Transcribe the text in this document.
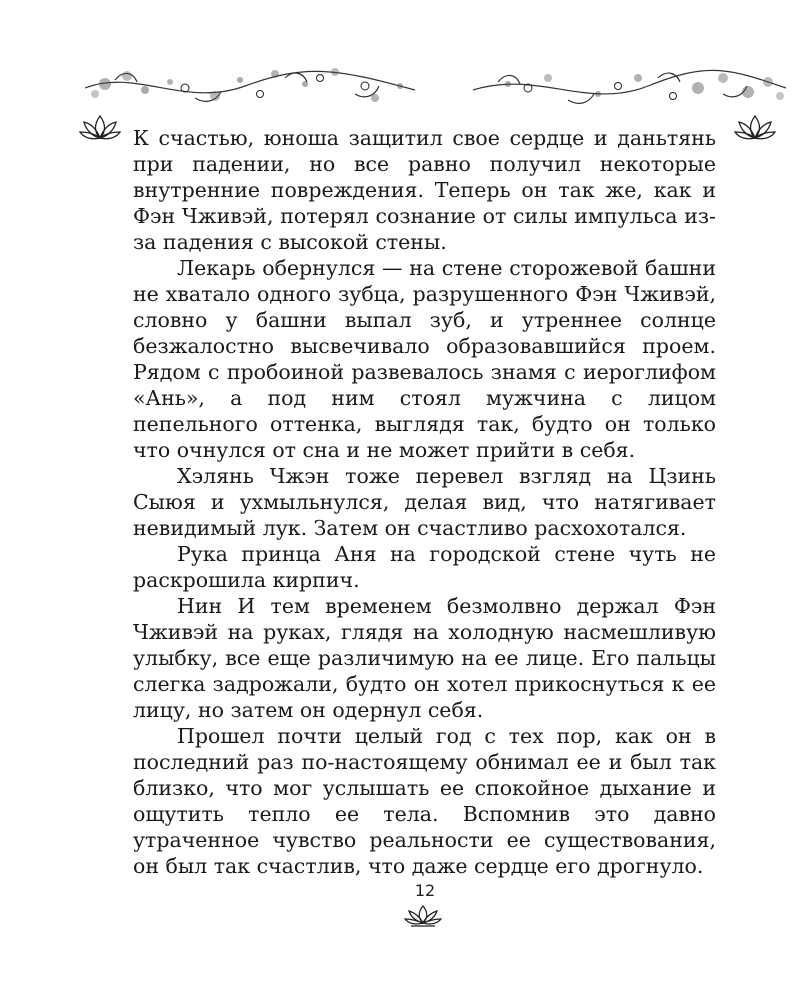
К счастью, юноша защитил свое сердце и даньтянь при падении, но все равно получил некоторые внутренние повреждения. Теперь он так же, как и Фэн Чживэй, потерял сознание от силы импульса из-за падения с высокой стены.

Лекарь обернулся — на стене сторожевой башни не хватало одного зубца, разрушенного Фэн Чживэй, словно у башни выпал зуб, и утреннее солнце безжалостно высвечивало образовавшийся проем. Рядом с пробоиной развевалось знамя с иероглифом «Ань», а под ним стоял мужчина с лицом пепельного оттенка, выглядя так, будто он только что очнулся от сна и не может прийти в себя.

Хэлянь Чжэн тоже перевел взгляд на Цзинь Сыюя и ухмыльнулся, делая вид, что натягивает невидимый лук. Затем он счастливо расхохотался.

Рука принца Аня на городской стене чуть не раскрошила кирпич.

Нин И тем временем безмолвно держал Фэн Чживэй на руках, глядя на холодную насмешливую улыбку, все еще различимую на ее лице. Его пальцы слегка задрожали, будто он хотел прикоснуться к ее лицу, но затем он одернул себя.

Прошел почти целый год с тех пор, как он в последний раз по-настоящему обнимал ее и был так близко, что мог услышать ее спокойное дыхание и ощутить тепло ее тела. Вспомнив это давно утраченное чувство реальности ее существования, он был так счастлив, что даже сердце его дрогнуло.

12
